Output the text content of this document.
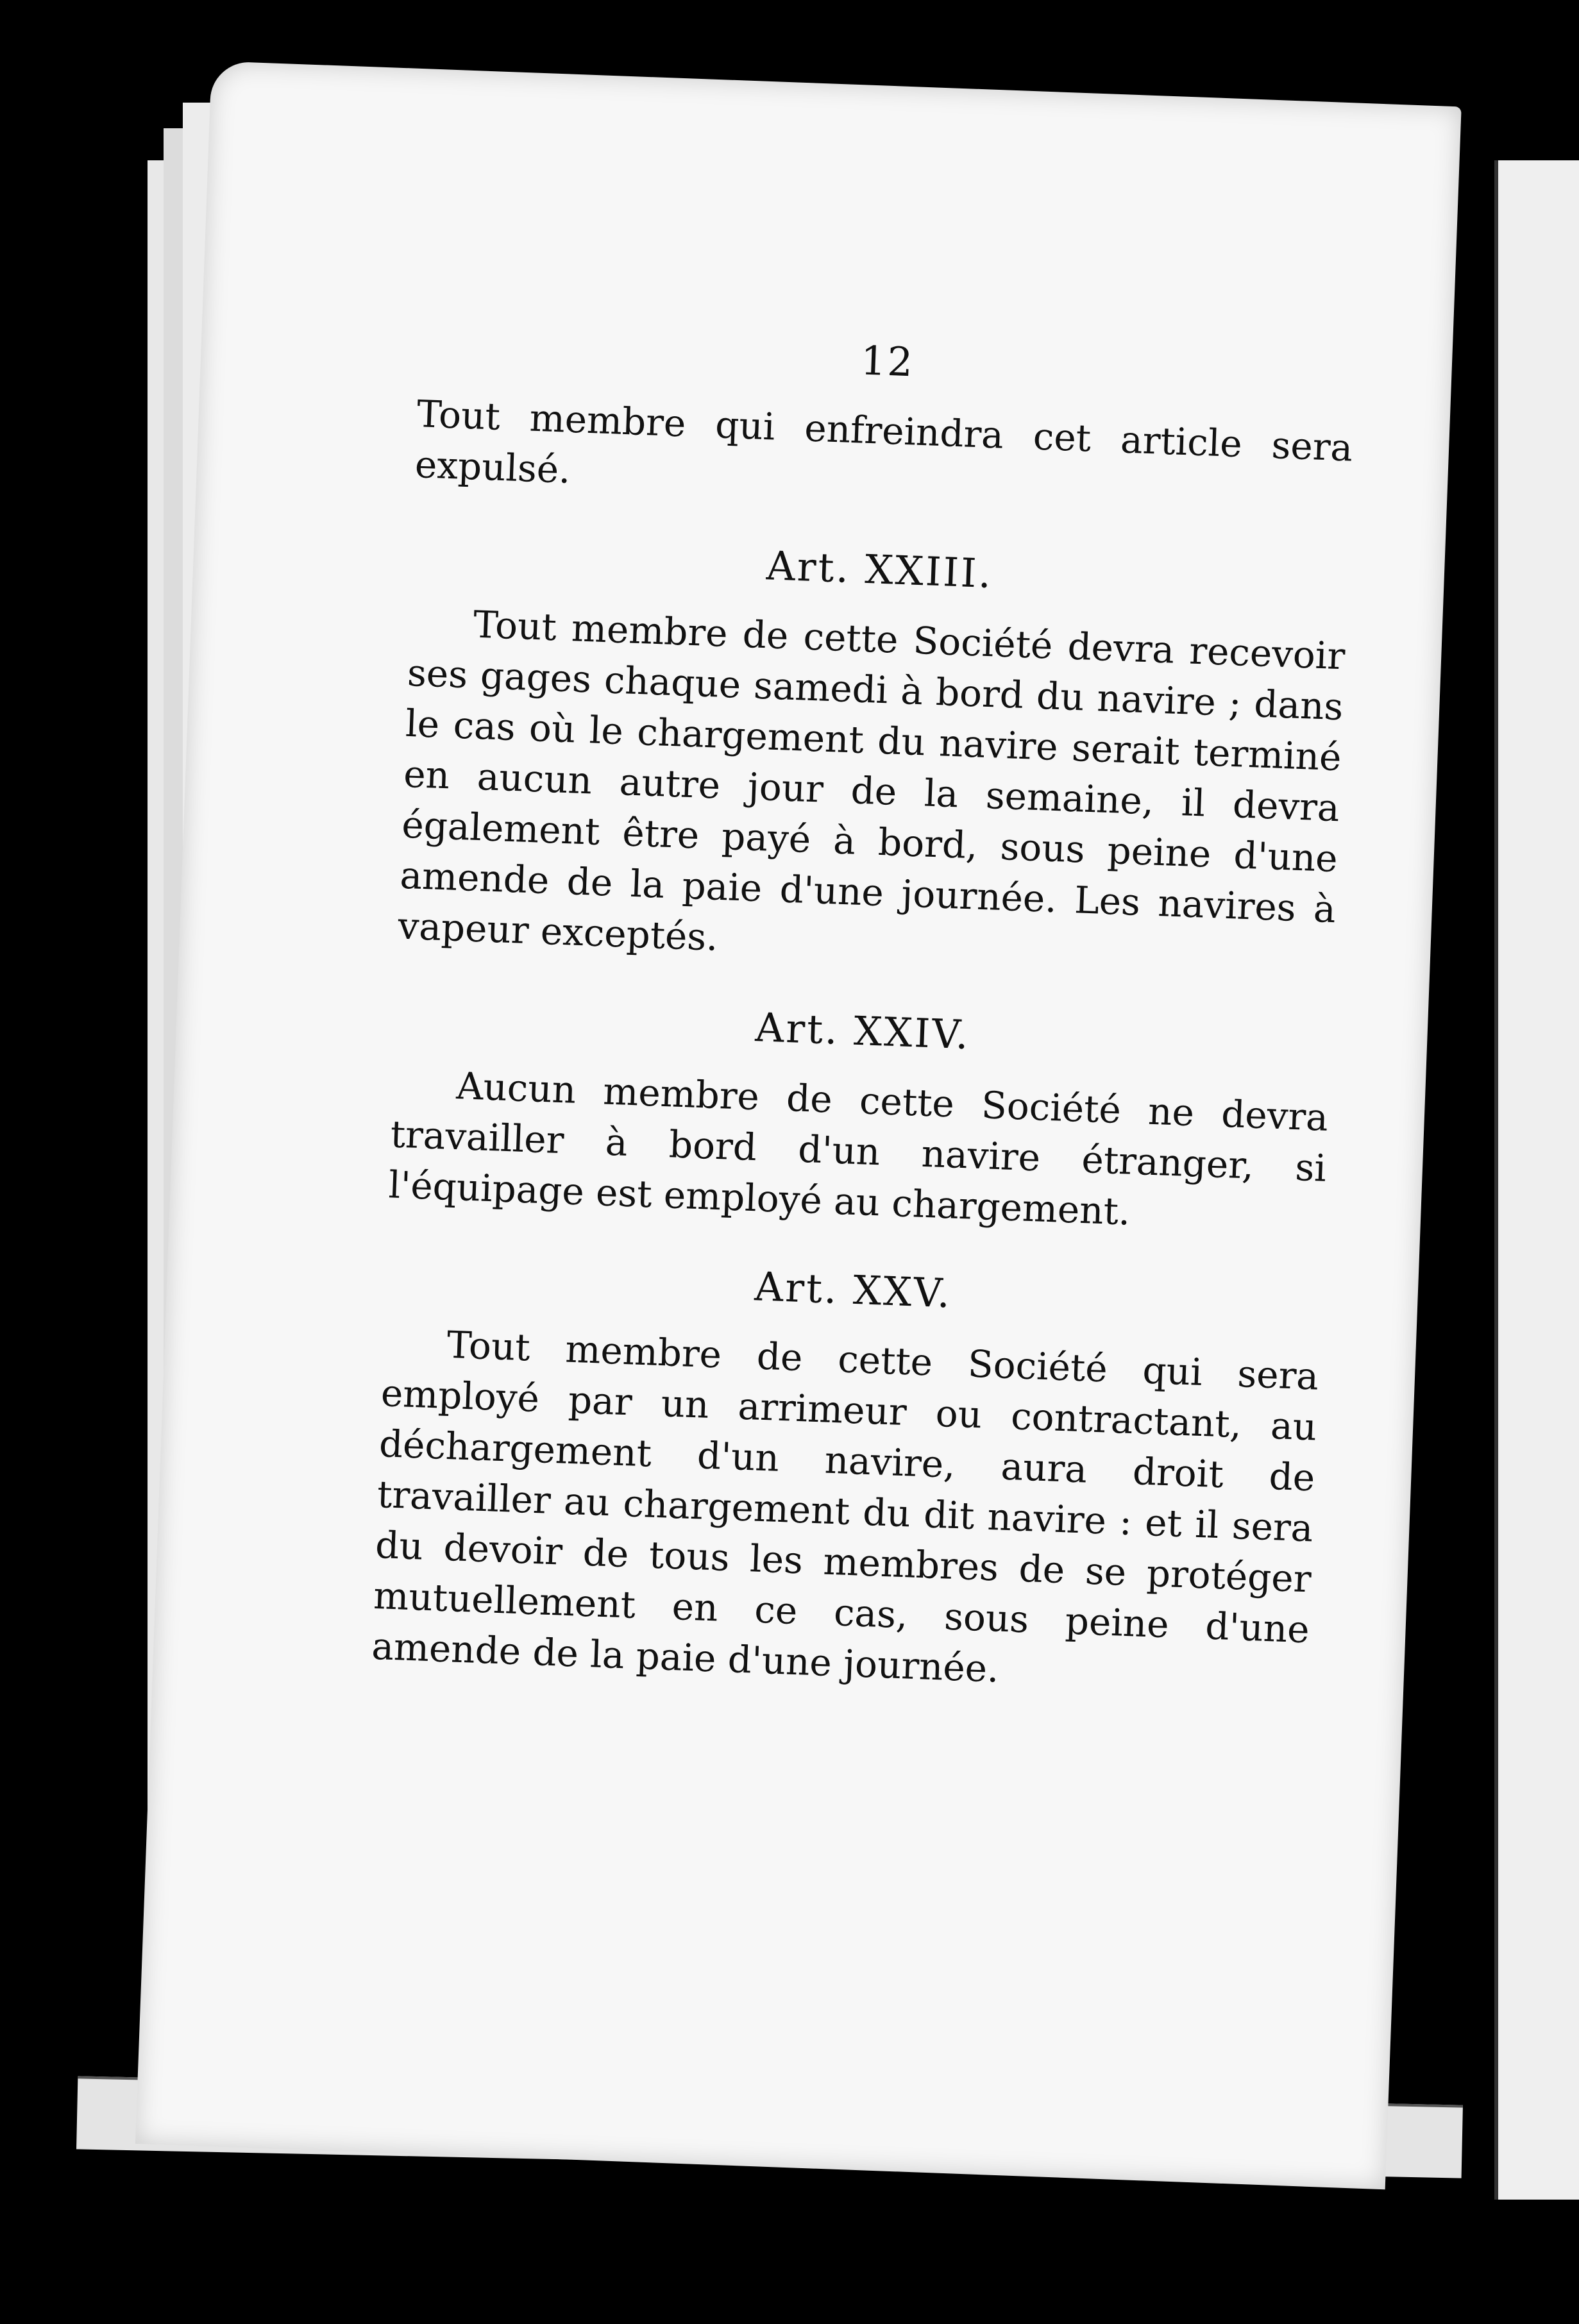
12

Tout membre qui enfreindra cet article sera expulsé.

Art. XXIII.

Tout membre de cette Société devra recevoir ses gages chaque samedi à bord du navire ; dans le cas où le chargement du navire serait terminé en aucun autre jour de la semaine, il devra également être payé à bord, sous peine d'une amende de la paie d'une journée. Les navires à vapeur exceptés.

Art. XXIV.

Aucun membre de cette Société ne devra travailler à bord d'un navire étranger, si l'équipage est employé au chargement.

Art. XXV.

Tout membre de cette Société qui sera employé par un arrimeur ou contractant, au déchargement d'un navire, aura droit de travailler au chargement du dit navire : et il sera du devoir de tous les membres de se protéger mutuellement en ce cas, sous peine d'une amende de la paie d'une journée.
